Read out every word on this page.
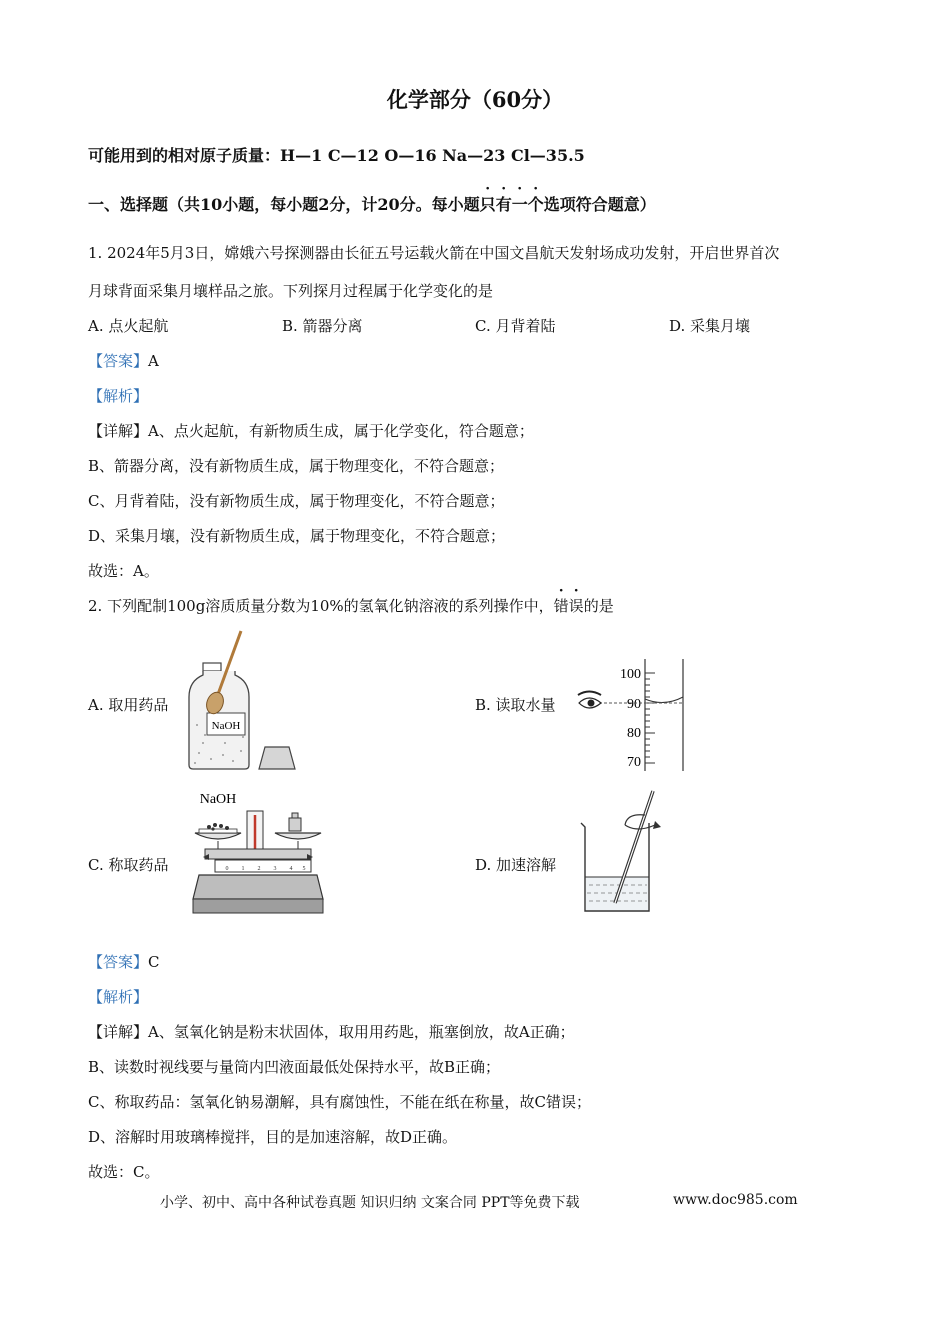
化学部分（60分）
可能用到的相对原子质量：H—1 C—12 O—16 Na—23 Cl—35.5
一、选择题（共10小题，每小题2分，计20分。每小题只有一个选项符合题意）
1. 2024年5月3日，嫦娥六号探测器由长征五号运载火箭在中国文昌航天发射场成功发射，开启世界首次
月球背面采集月壤样品之旅。下列探月过程属于化学变化的是
A. 点火起航	B. 箭器分离	C. 月背着陆	D. 采集月壤
【答案】A
【解析】
【详解】A、点火起航，有新物质生成，属于化学变化，符合题意；
B、箭器分离，没有新物质生成，属于物理变化，不符合题意；
C、月背着陆，没有新物质生成，属于物理变化，不符合题意；
D、采集月壤，没有新物质生成，属于物理变化，不符合题意；
故选：A。
2. 下列配制100g溶质质量分数为10%的氢氧化钠溶液的系列操作中，错误的是
A. 取用药品	B. 读取水量
C. 称取药品	D. 加速溶解
NaOH
100
90
80
70
NaOH
0 1 2 3 4 5
【答案】C
【解析】
【详解】A、氢氧化钠是粉末状固体，取用用药匙，瓶塞倒放，故A正确；
B、读数时视线要与量筒内凹液面最低处保持水平，故B正确；
C、称取药品：氢氧化钠易潮解，具有腐蚀性，不能在纸在称量，故C错误；
D、溶解时用玻璃棒搅拌，目的是加速溶解，故D正确。
故选：C。
小学、初中、高中各种试卷真题 知识归纳 文案合同 PPT等免费下载	www.doc985.com
